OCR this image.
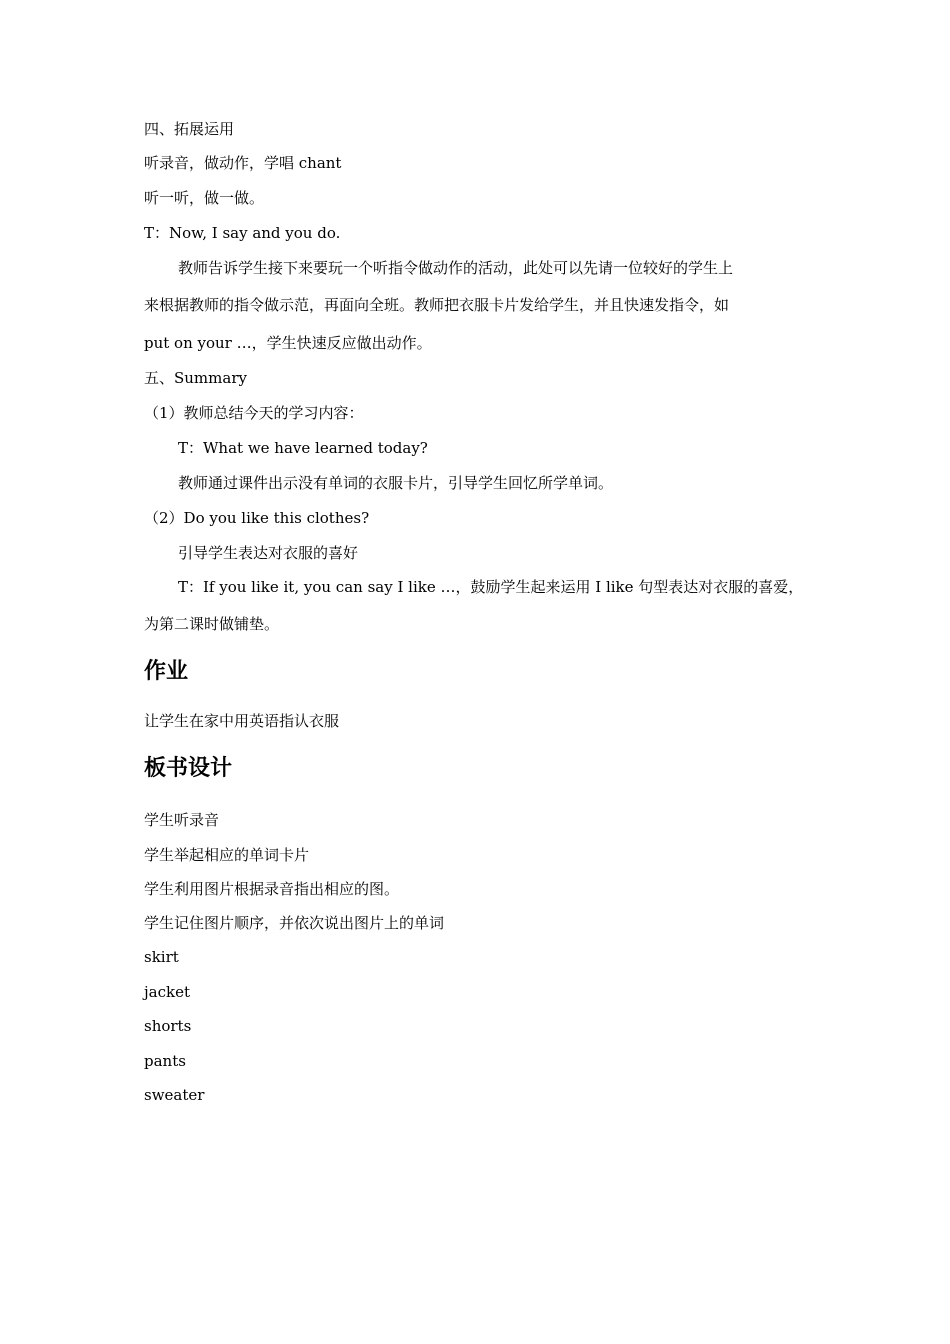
四、拓展运用
听录音，做动作，学唱 chant
听一听，做一做。
T：Now, I say and you do.
教师告诉学生接下来要玩一个听指令做动作的活动，此处可以先请一位较好的学生上
来根据教师的指令做示范，再面向全班。教师把衣服卡片发给学生，并且快速发指令，如
put on your …，学生快速反应做出动作。
五、Summary
（1）教师总结今天的学习内容：
T：What we have learned today?
教师通过课件出示没有单词的衣服卡片，引导学生回忆所学单词。
（2）Do you like this clothes?
引导学生表达对衣服的喜好
T：If you like it, you can say I like …，鼓励学生起来运用 I like 句型表达对衣服的喜爱，
为第二课时做铺垫。
作业
让学生在家中用英语指认衣服
板书设计
学生听录音
学生举起相应的单词卡片
学生利用图片根据录音指出相应的图。
学生记住图片顺序，并依次说出图片上的单词
skirt
jacket
shorts
pants
sweater
